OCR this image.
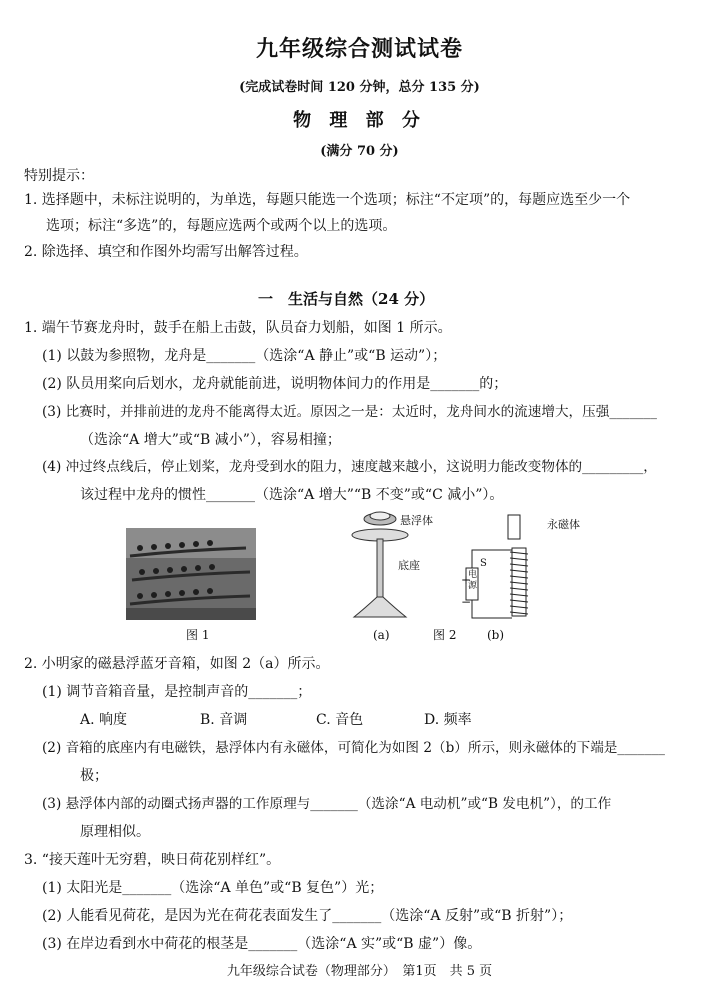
九年级综合测试试卷
(完成试卷时间 120 分钟，总分 135 分)
物 理 部 分
(满分 70 分)
特别提示：
1. 选择题中，未标注说明的，为单选，每题只能选一个选项；标注“不定项”的，每题应选至少一个
选项；标注“多选”的，每题应选两个或两个以上的选项。
2. 除选择、填空和作图外均需写出解答过程。
一　生活与自然（24 分）
1. 端午节赛龙舟时，鼓手在船上击鼓，队员奋力划船，如图 1 所示。
(1) 以鼓为参照物，龙舟是_______（选涂“A 静止”或“B 运动”）；
(2) 队员用桨向后划水，龙舟就能前进，说明物体间力的作用是_______的；
(3) 比赛时，并排前进的龙舟不能离得太近。原因之一是：太近时，龙舟间水的流速增大，压强_______
（选涂“A 增大”或“B 减小”），容易相撞；
(4) 冲过终点线后，停止划桨，龙舟受到水的阻力，速度越来越小，这说明力能改变物体的_________，
该过程中龙舟的惯性_______（选涂“A 增大”“B 不变”或“C 减小”）。
图 1
悬浮体
底座
(a)	图 2
永磁体
S
+
−
电源
(b)
2. 小明家的磁悬浮蓝牙音箱，如图 2（a）所示。
(1) 调节音箱音量，是控制声音的_______；
A. 响度	B. 音调	C. 音色	D. 频率
(2) 音箱的底座内有电磁铁，悬浮体内有永磁体，可简化为如图 2（b）所示，则永磁体的下端是_______
极；
(3) 悬浮体内部的动圈式扬声器的工作原理与_______（选涂“A 电动机”或“B 发电机”），的工作
原理相似。
3. “接天莲叶无穷碧，映日荷花别样红”。
(1) 太阳光是_______（选涂“A 单色”或“B 复色”）光；
(2) 人能看见荷花，是因为光在荷花表面发生了_______（选涂“A 反射”或“B 折射”）；
(3) 在岸边看到水中荷花的根茎是_______（选涂“A 实”或“B 虚”）像。
九年级综合试卷（物理部分）　第1页　共 5 页
